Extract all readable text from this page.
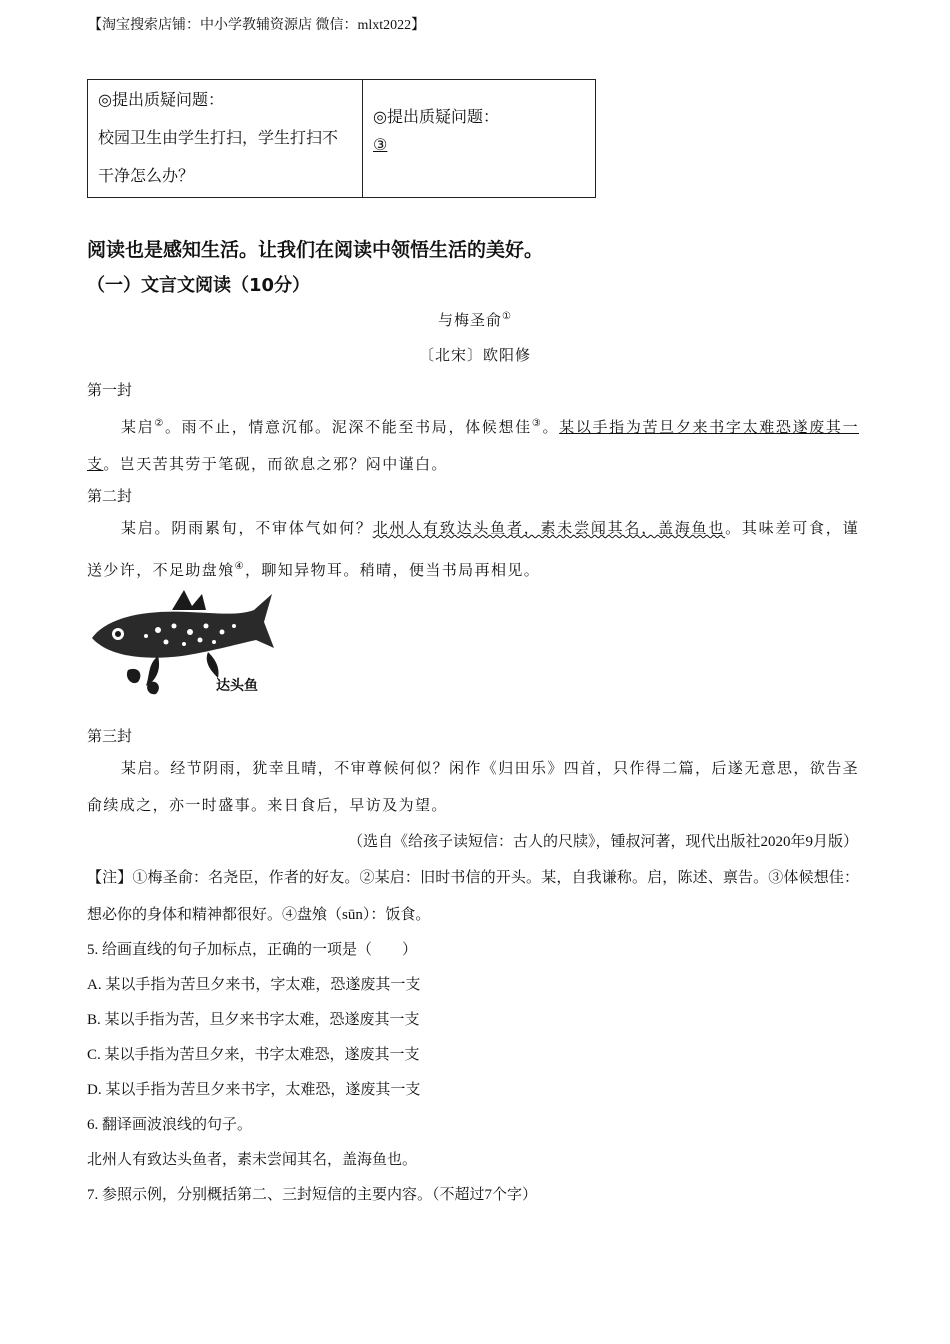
【淘宝搜索店铺：中小学教辅资源店 微信：mlxt2022】
◎提出质疑问题：
校园卫生由学生打扫，学生打扫不
干净怎么办？

◎提出质疑问题：
③
阅读也是感知生活。让我们在阅读中领悟生活的美好。
（一）文言文阅读（10分）
与梅圣俞①
〔北宋〕欧阳修
第一封
某启②。雨不止，情意沉郁。泥深不能至书局，体候想佳③。某以手指为苦旦夕来书字太难恐遂废其一支。岂天苦其劳于笔砚，而欲息之邪？闷中谨白。
第二封
某启。阴雨累旬，不审体气如何？北州人有致达头鱼者，素未尝闻其名，盖海鱼也。其味差可食，谨送少许，不足助盘飧④，聊知异物耳。稍晴，便当书局再相见。
达头鱼
第三封
某启。经节阴雨，犹幸且晴，不审尊候何似？闲作《归田乐》四首，只作得二篇，后遂无意思，欲告圣俞续成之，亦一时盛事。来日食后，早访及为望。
（选自《给孩子读短信：古人的尺牍》，锺叔河著，现代出版社2020年9月版）
【注】①梅圣俞：名尧臣，作者的好友。②某启：旧时书信的开头。某，自我谦称。启，陈述、禀告。③体候想佳：想必你的身体和精神都很好。④盘飧（sūn）：饭食。
5. 给画直线的句子加标点，正确的一项是（　　）
A. 某以手指为苦旦夕来书，字太难，恐遂废其一支
B. 某以手指为苦，旦夕来书字太难，恐遂废其一支
C. 某以手指为苦旦夕来，书字太难恐，遂废其一支
D. 某以手指为苦旦夕来书字，太难恐，遂废其一支
6. 翻译画波浪线的句子。
北州人有致达头鱼者，素未尝闻其名，盖海鱼也。
7. 参照示例，分别概括第二、三封短信的主要内容。（不超过7个字）
